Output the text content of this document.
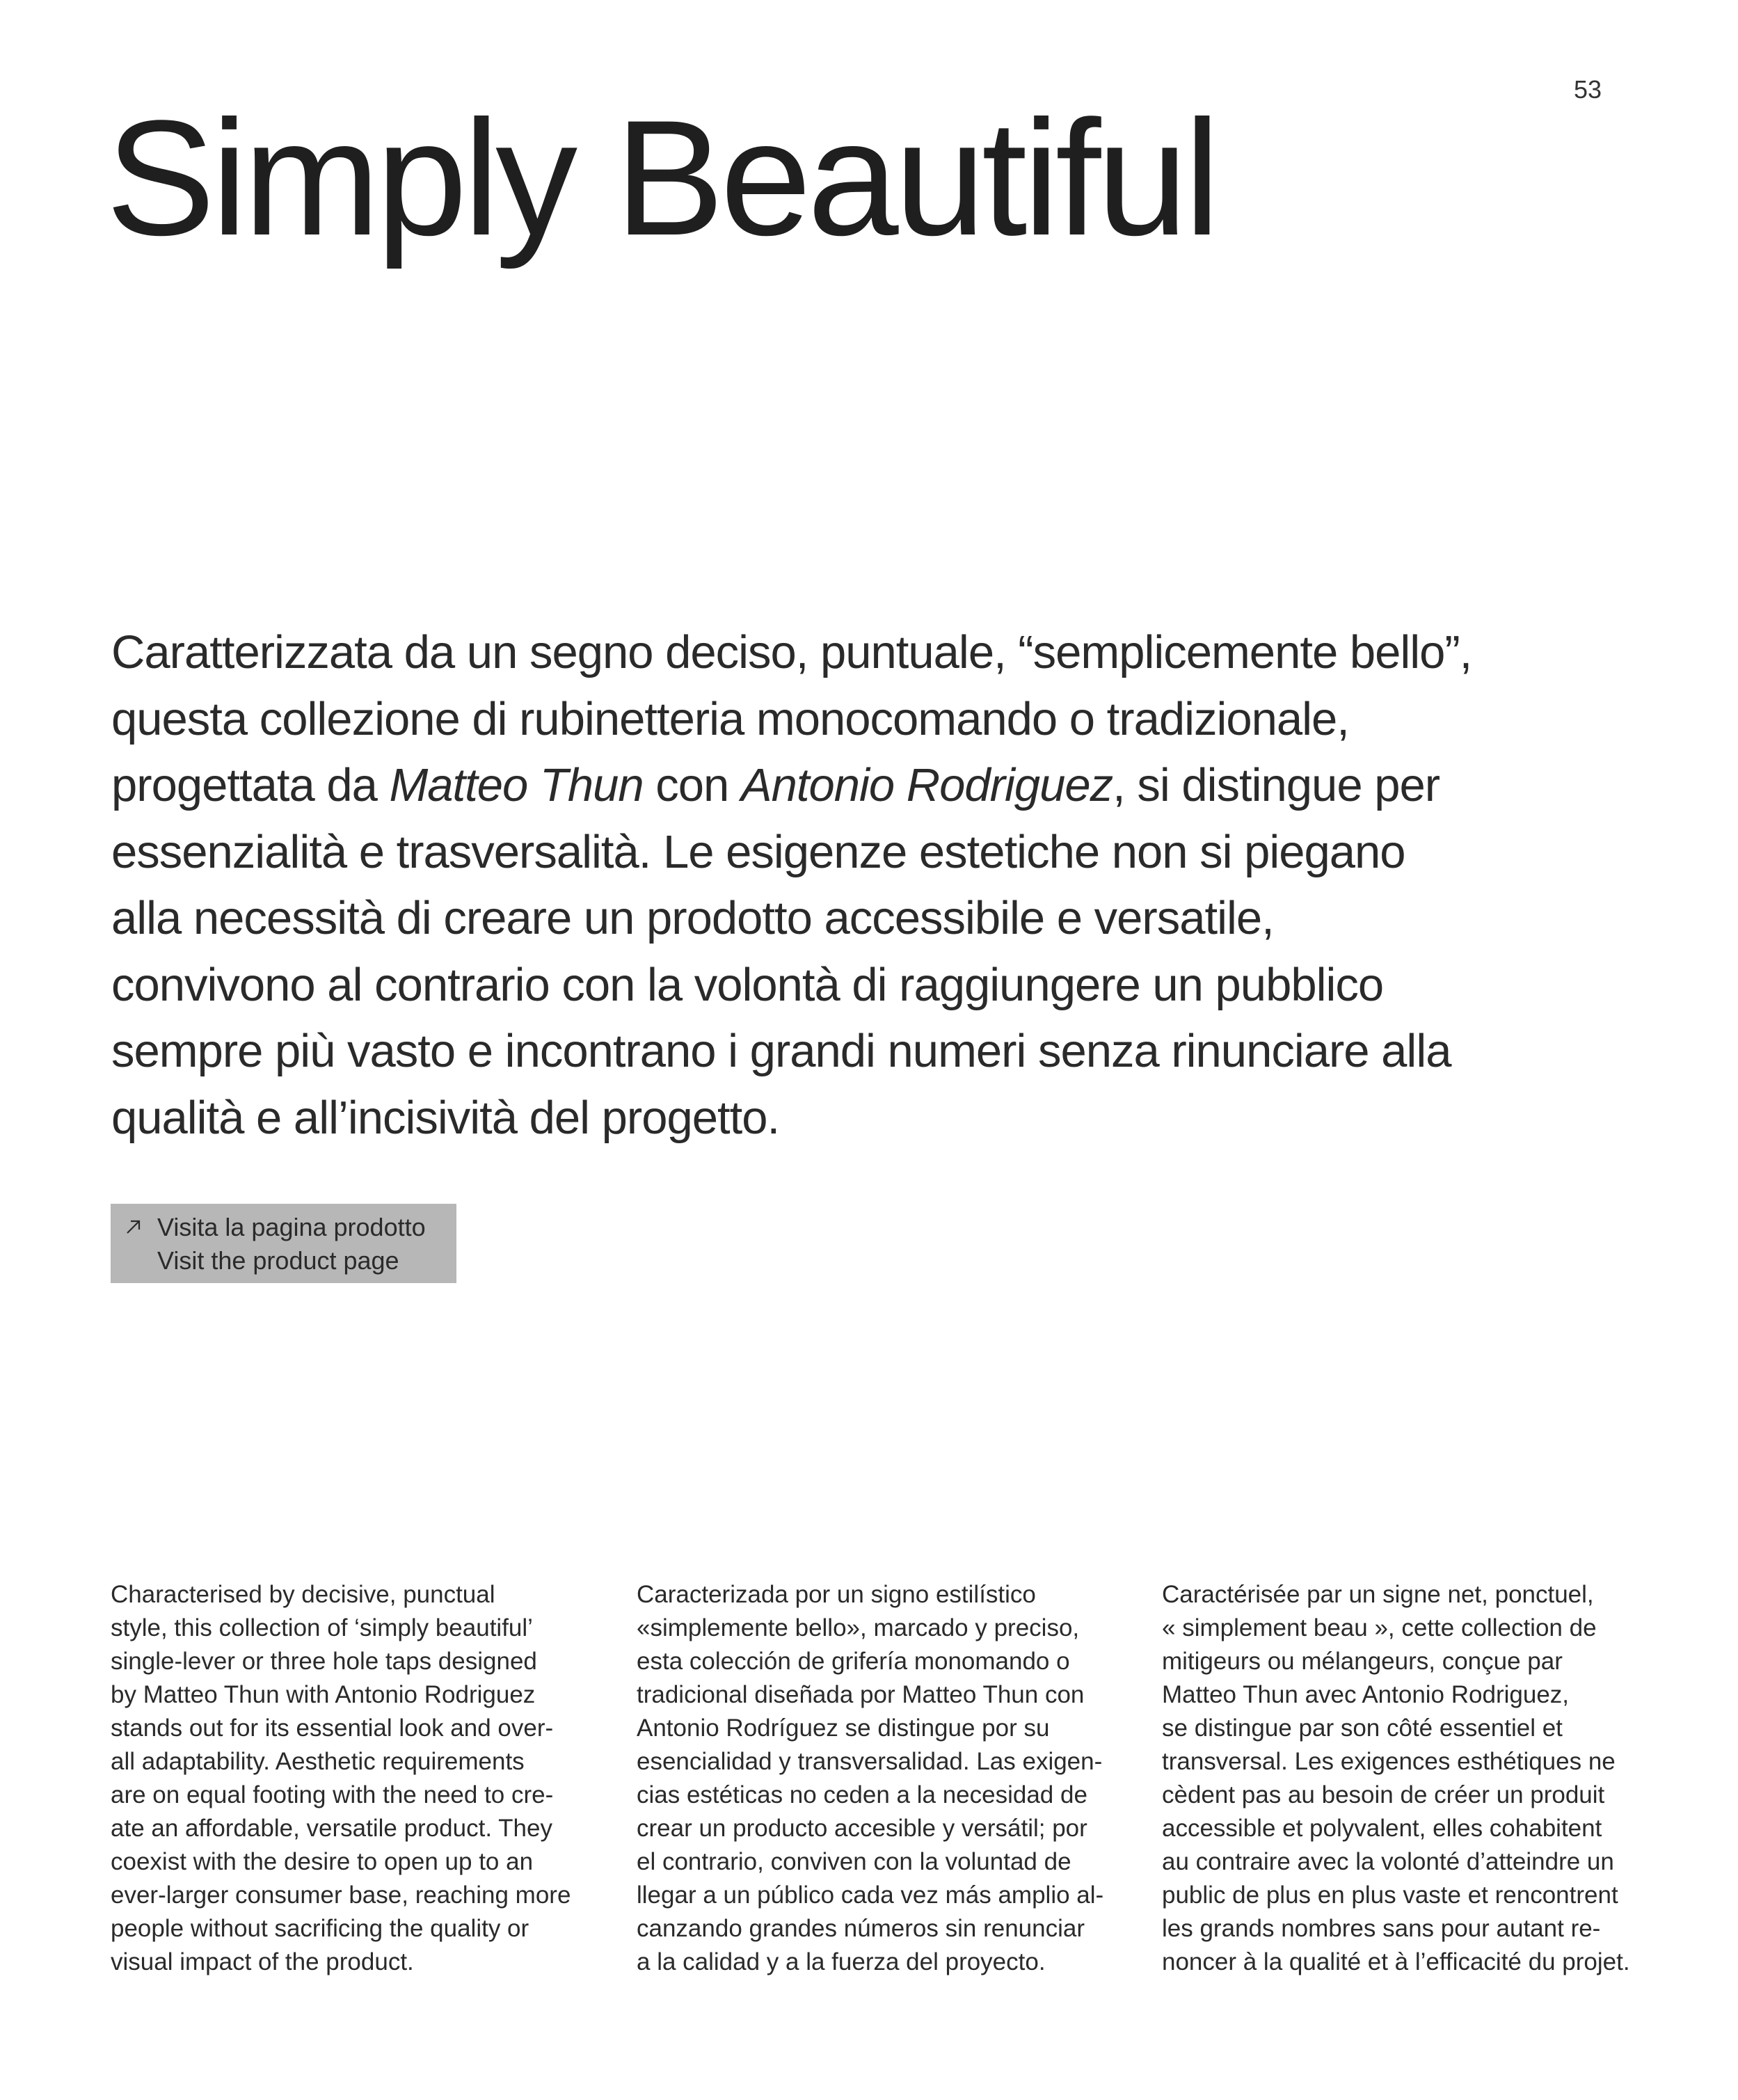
53
Simply Beautiful

Caratterizzata da un segno deciso, puntuale, “semplicemente bello”,
questa collezione di rubinetteria monocomando o tradizionale,
progettata da Matteo Thun con Antonio Rodriguez, si distingue per
essenzialità e trasversalità. Le esigenze estetiche non si piegano
alla necessità di creare un prodotto accessibile e versatile,
convivono al contrario con la volontà di raggiungere un pubblico
sempre più vasto e incontrano i grandi numeri senza rinunciare alla
qualità e all’incisività del progetto.

Visita la pagina prodotto
Visit the product page
Characterised by decisive, punctual
style, this collection of ‘simply beautiful’
single-lever or three hole taps designed
by Matteo Thun with Antonio Rodriguez
stands out for its essential look and over-
all adaptability. Aesthetic requirements
are on equal footing with the need to cre-
ate an affordable, versatile product. They
coexist with the desire to open up to an
ever-larger consumer base, reaching more
people without sacrificing the quality or
visual impact of the product.
Caracterizada por un signo estilístico
«simplemente bello», marcado y preciso,
esta colección de grifería monomando o
tradicional diseñada por Matteo Thun con
Antonio Rodríguez se distingue por su
esencialidad y transversalidad. Las exigen-
cias estéticas no ceden a la necesidad de
crear un producto accesible y versátil; por
el contrario, conviven con la voluntad de
llegar a un público cada vez más amplio al-
canzando grandes números sin renunciar
a la calidad y a la fuerza del proyecto.
Caractérisée par un signe net, ponctuel,
« simplement beau », cette collection de
mitigeurs ou mélangeurs, conçue par
Matteo Thun avec Antonio Rodriguez,
se distingue par son côté essentiel et
transversal. Les exigences esthétiques ne
cèdent pas au besoin de créer un produit
accessible et polyvalent, elles cohabitent
au contraire avec la volonté d’atteindre un
public de plus en plus vaste et rencontrent
les grands nombres sans pour autant re-
noncer à la qualité et à l’efficacité du projet.
